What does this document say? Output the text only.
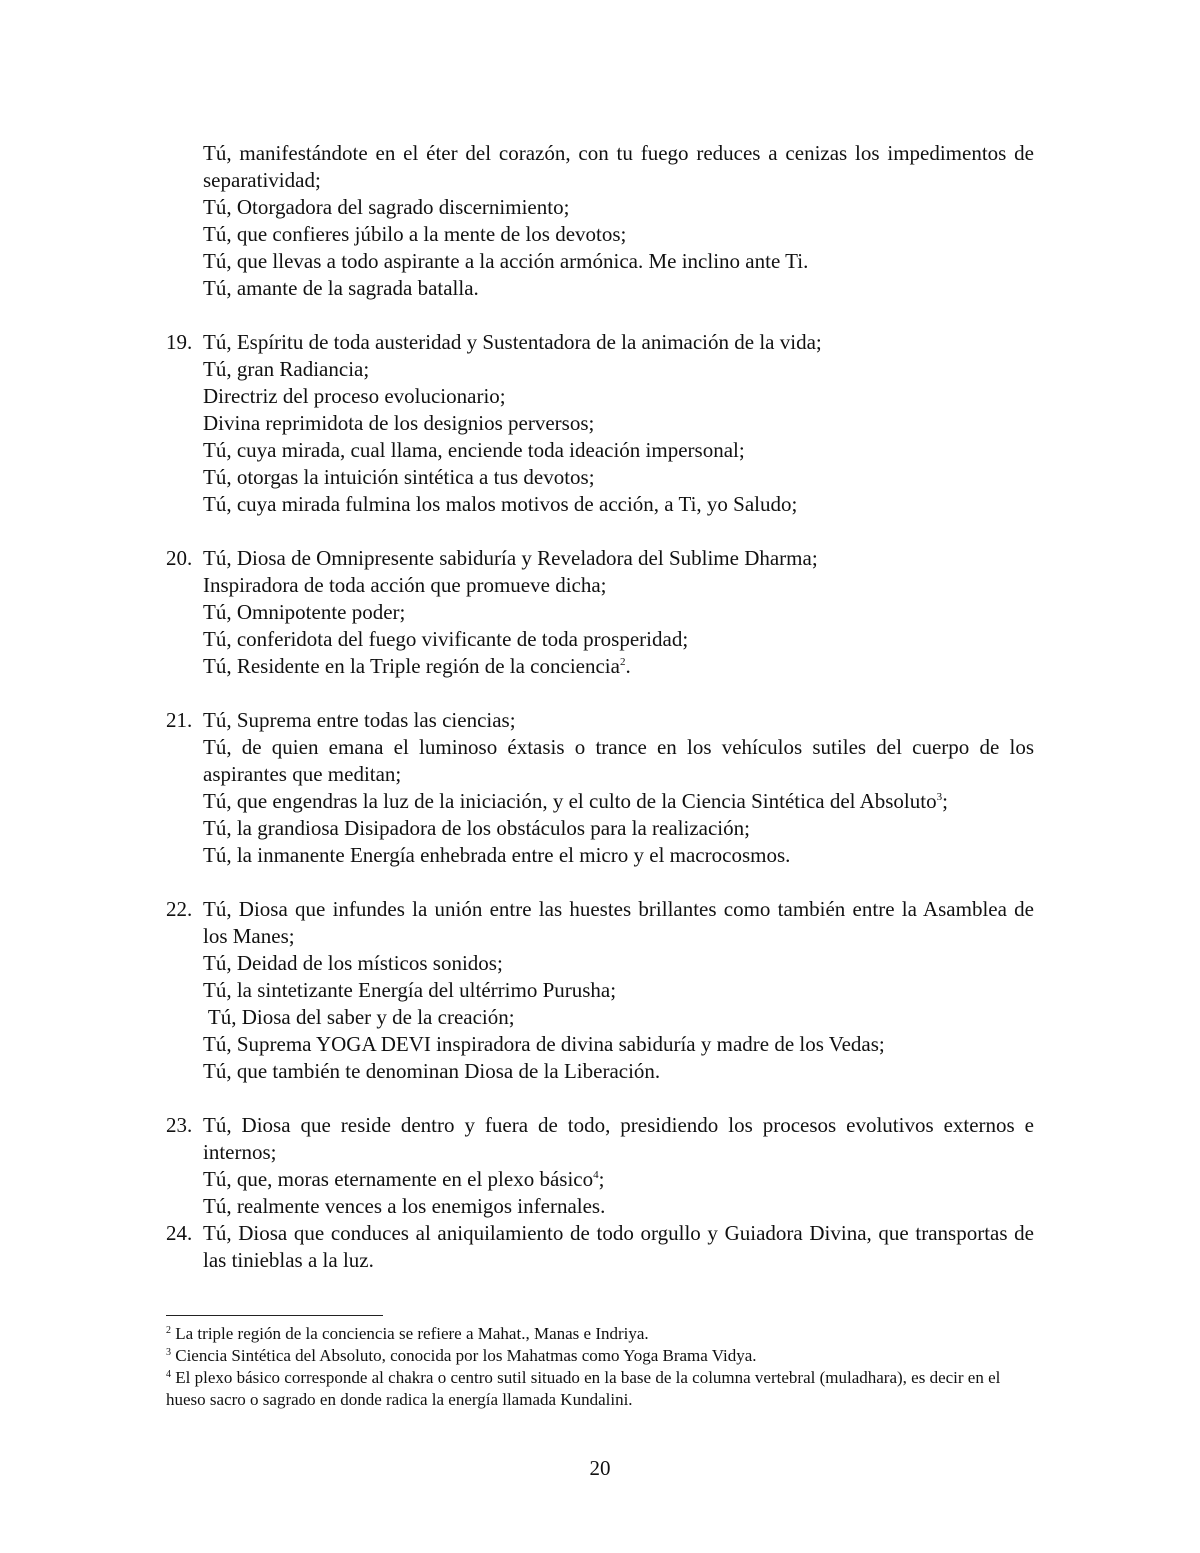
Tú, manifestándote en el éter del corazón, con tu fuego reduces a cenizas los impedimentos de separatividad;

Tú, Otorgadora del sagrado discernimiento;

Tú, que confieres júbilo a la mente de los devotos;

Tú, que llevas a todo aspirante a la acción armónica. Me inclino ante Ti.

Tú, amante de la sagrada batalla.

19. Tú, Espíritu de toda austeridad y Sustentadora de la animación de la vida;

Tú, gran Radiancia;

Directriz del proceso evolucionario;

Divina reprimidota de los designios perversos;

Tú, cuya mirada, cual llama, enciende toda ideación impersonal;

Tú, otorgas la intuición sintética a tus devotos;

Tú, cuya mirada fulmina los malos motivos de acción, a Ti, yo Saludo;

20. Tú, Diosa de Omnipresente sabiduría y Reveladora del Sublime Dharma;

Inspiradora de toda acción que promueve dicha;

Tú, Omnipotente poder;

Tú, conferidota del fuego vivificante de toda prosperidad;

Tú, Residente en la Triple región de la conciencia$^2$.

21. Tú, Suprema entre todas las ciencias;

Tú, de quien emana el luminoso éxtasis o trance en los vehículos sutiles del cuerpo de los aspirantes que meditan;

Tú, que engendras la luz de la iniciación, y el culto de la Ciencia Sintética del Absoluto$^3$;

Tú, la grandiosa Disipadora de los obstáculos para la realización;

Tú, la inmanente Energía enhebrada entre el micro y el macrocosmos.

22. Tú, Diosa que infundes la unión entre las huestes brillantes como también entre la Asamblea de los Manes;

Tú, Deidad de los místicos sonidos;

Tú, la sintetizante Energía del ultérrimo Purusha;

Tú, Diosa del saber y de la creación;

Tú, Suprema YOGA DEVI inspiradora de divina sabiduría y madre de los Vedas;

Tú, que también te denominan Diosa de la Liberación.

23. Tú, Diosa que reside dentro y fuera de todo, presidiendo los procesos evolutivos externos e internos;

Tú, que, moras eternamente en el plexo básico$^4$;

Tú, realmente vences a los enemigos infernales.

24. Tú, Diosa que conduces al aniquilamiento de todo orgullo y Guiadora Divina, que transportas de las tinieblas a la luz.

$^2$ La triple región de la conciencia se refiere a Mahat., Manas e Indriya.

$^3$ Ciencia Sintética del Absoluto, conocida por los Mahatmas como Yoga Brama Vidya.

$^4$ El plexo básico corresponde al chakra o centro sutil situado en la base de la columna vertebral (muladhara), es decir en el hueso sacro o sagrado en donde radica la energía llamada Kundalini.

20
